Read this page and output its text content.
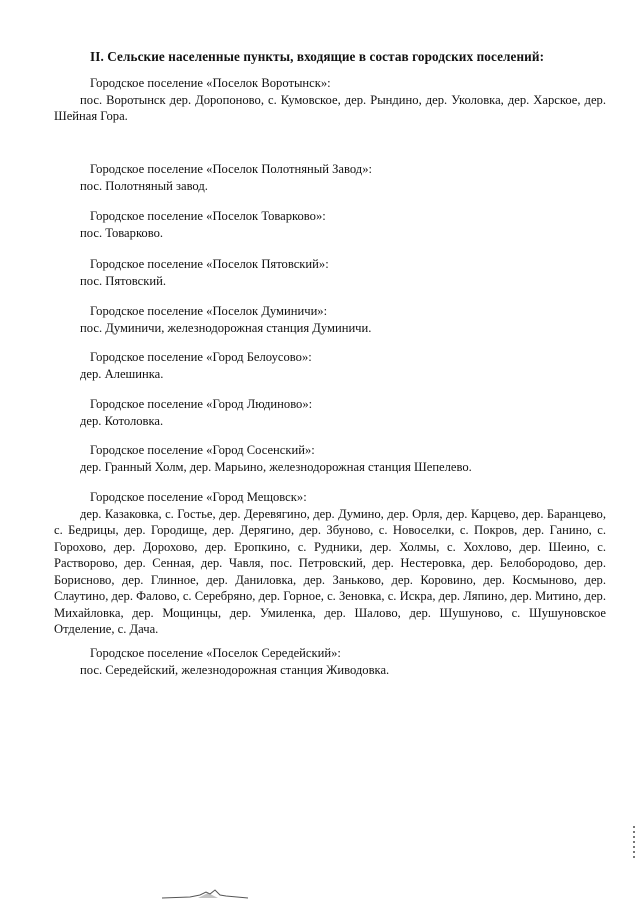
II. Сельские населенные пункты, входящие в состав городских поселений:
Городское поселение «Поселок Воротынск»:
пос. Воротынск дер. Доропоново, с. Кумовское, дер. Рындино, дер. Уколовка, дер. Харское, дер. Шейная Гора.
Городское поселение «Поселок Полотняный Завод»:
пос. Полотняный завод.
Городское поселение «Поселок Товарково»:
пос. Товарково.
Городское поселение «Поселок Пятовский»:
пос. Пятовский.
Городское поселение «Поселок Думиничи»:
пос. Думиничи, железнодорожная станция Думиничи.
Городское поселение «Город Белоусово»:
дер. Алешинка.
Городское поселение «Город Людиново»:
дер. Котоловка.
Городское поселение «Город Сосенский»:
дер. Гранный Холм, дер. Марьино, железнодорожная станция Шепелево.
Городское поселение «Город Мещовск»:
дер. Казаковка, с. Гостье, дер. Деревягино, дер. Думино, дер. Орля, дер. Карцево, дер. Баранцево, с. Бедрицы, дер. Городище, дер. Дерягино, дер. Збуново, с. Новоселки, с. Покров, дер. Ганино, с. Горохово, дер. Дорохово, дер. Еропкино, с. Рудники, дер. Холмы, с. Хохлово, дер. Шеино, с. Растворово, дер. Сенная, дер. Чавля, пос. Петровский, дер. Нестеровка, дер. Белобородово, дер. Борисново, дер. Глинное, дер. Даниловка, дер. Заньково, дер. Коровино, дер. Космыново, дер. Слаутино, дер. Фалово, с. Серебряно, дер. Горное, с. Зеновка, с. Искра, дер. Ляпино, дер. Митино, дер. Михайловка, дер. Мощинцы, дер. Умиленка, дер. Шалово, дер. Шушуново, с. Шушуновское Отделение, с. Дача.
Городское поселение «Поселок Середейский»:
пос. Середейский, железнодорожная станция Живодовка.
